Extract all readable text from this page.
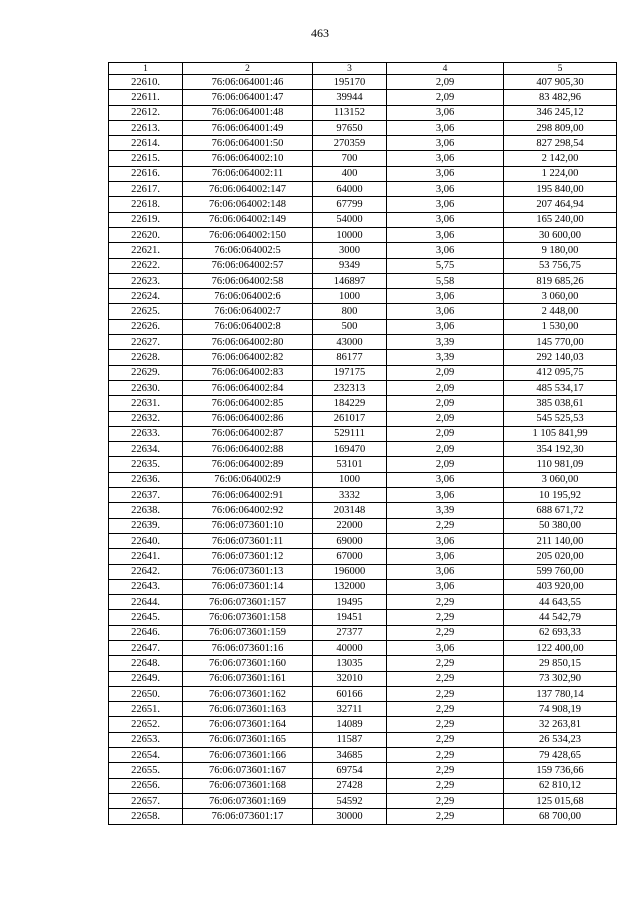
463
1	2	3	4	5
22610.	76:06:064001:46	195170	2,09	407 905,30
22611.	76:06:064001:47	39944	2,09	83 482,96
22612.	76:06:064001:48	113152	3,06	346 245,12
22613.	76:06:064001:49	97650	3,06	298 809,00
22614.	76:06:064001:50	270359	3,06	827 298,54
22615.	76:06:064002:10	700	3,06	2 142,00
22616.	76:06:064002:11	400	3,06	1 224,00
22617.	76:06:064002:147	64000	3,06	195 840,00
22618.	76:06:064002:148	67799	3,06	207 464,94
22619.	76:06:064002:149	54000	3,06	165 240,00
22620.	76:06:064002:150	10000	3,06	30 600,00
22621.	76:06:064002:5	3000	3,06	9 180,00
22622.	76:06:064002:57	9349	5,75	53 756,75
22623.	76:06:064002:58	146897	5,58	819 685,26
22624.	76:06:064002:6	1000	3,06	3 060,00
22625.	76:06:064002:7	800	3,06	2 448,00
22626.	76:06:064002:8	500	3,06	1 530,00
22627.	76:06:064002:80	43000	3,39	145 770,00
22628.	76:06:064002:82	86177	3,39	292 140,03
22629.	76:06:064002:83	197175	2,09	412 095,75
22630.	76:06:064002:84	232313	2,09	485 534,17
22631.	76:06:064002:85	184229	2,09	385 038,61
22632.	76:06:064002:86	261017	2,09	545 525,53
22633.	76:06:064002:87	529111	2,09	1 105 841,99
22634.	76:06:064002:88	169470	2,09	354 192,30
22635.	76:06:064002:89	53101	2,09	110 981,09
22636.	76:06:064002:9	1000	3,06	3 060,00
22637.	76:06:064002:91	3332	3,06	10 195,92
22638.	76:06:064002:92	203148	3,39	688 671,72
22639.	76:06:073601:10	22000	2,29	50 380,00
22640.	76:06:073601:11	69000	3,06	211 140,00
22641.	76:06:073601:12	67000	3,06	205 020,00
22642.	76:06:073601:13	196000	3,06	599 760,00
22643.	76:06:073601:14	132000	3,06	403 920,00
22644.	76:06:073601:157	19495	2,29	44 643,55
22645.	76:06:073601:158	19451	2,29	44 542,79
22646.	76:06:073601:159	27377	2,29	62 693,33
22647.	76:06:073601:16	40000	3,06	122 400,00
22648.	76:06:073601:160	13035	2,29	29 850,15
22649.	76:06:073601:161	32010	2,29	73 302,90
22650.	76:06:073601:162	60166	2,29	137 780,14
22651.	76:06:073601:163	32711	2,29	74 908,19
22652.	76:06:073601:164	14089	2,29	32 263,81
22653.	76:06:073601:165	11587	2,29	26 534,23
22654.	76:06:073601:166	34685	2,29	79 428,65
22655.	76:06:073601:167	69754	2,29	159 736,66
22656.	76:06:073601:168	27428	2,29	62 810,12
22657.	76:06:073601:169	54592	2,29	125 015,68
22658.	76:06:073601:17	30000	2,29	68 700,00
